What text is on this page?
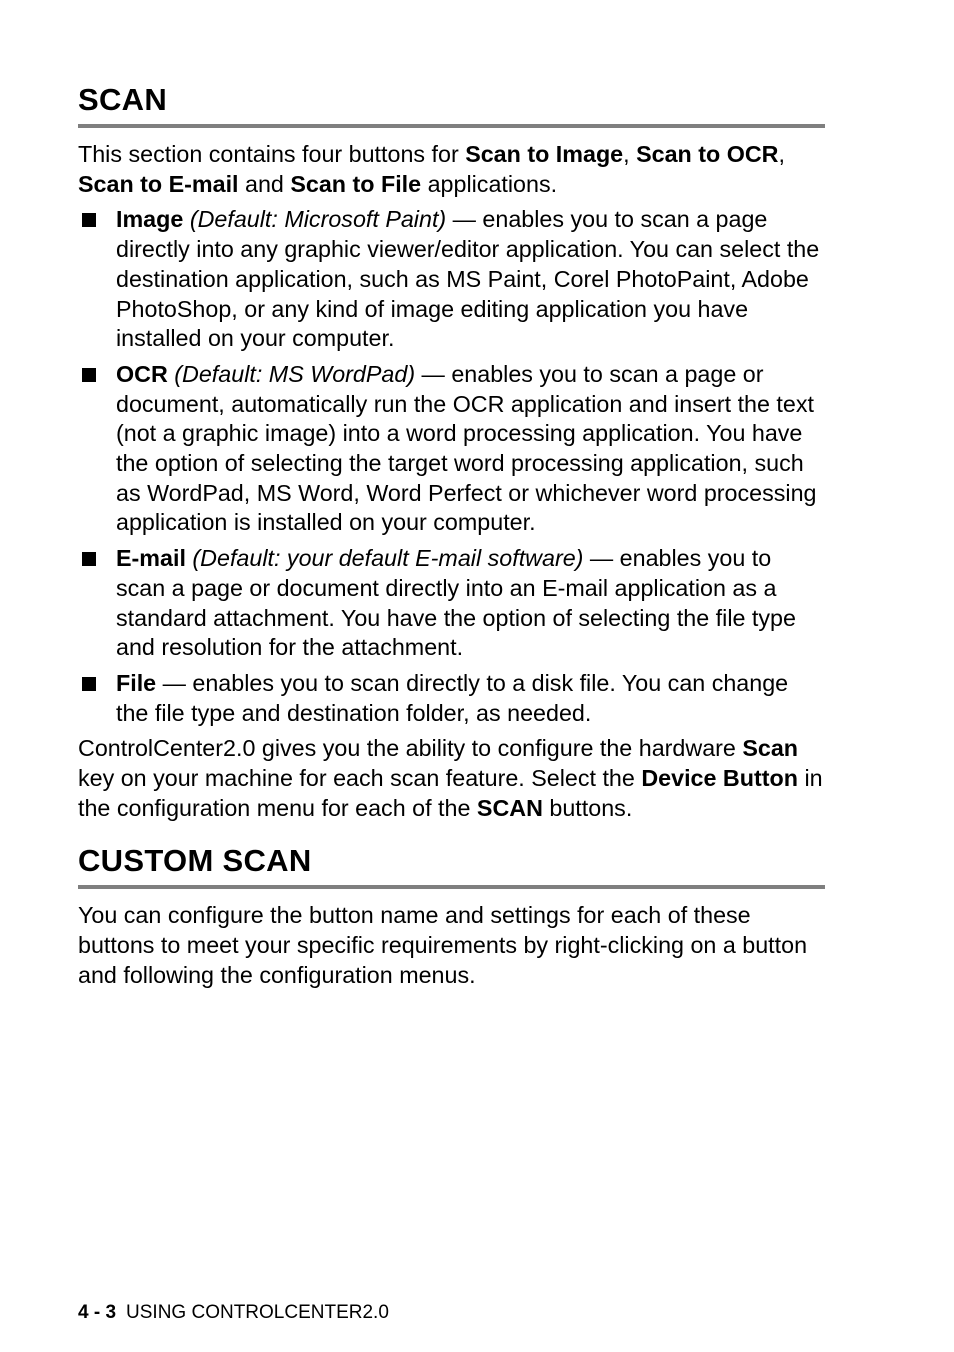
SCAN

This section contains four buttons for Scan to Image, Scan to OCR, Scan to E-mail and Scan to File applications.

Image (Default: Microsoft Paint) — enables you to scan a page directly into any graphic viewer/editor application. You can select the destination application, such as MS Paint, Corel PhotoPaint, Adobe PhotoShop, or any kind of image editing application you have installed on your computer.
OCR (Default: MS WordPad) — enables you to scan a page or document, automatically run the OCR application and insert the text (not a graphic image) into a word processing application. You have the option of selecting the target word processing application, such as WordPad, MS Word, Word Perfect or whichever word processing application is installed on your computer.
E-mail (Default: your default E-mail software) — enables you to scan a page or document directly into an E-mail application as a standard attachment. You have the option of selecting the file type and resolution for the attachment.
File — enables you to scan directly to a disk file. You can change the file type and destination folder, as needed.

ControlCenter2.0 gives you the ability to configure the hardware Scan key on your machine for each scan feature. Select the Device Button in the configuration menu for each of the SCAN buttons.

CUSTOM SCAN

You can configure the button name and settings for each of these buttons to meet your specific requirements by right-clicking on a button and following the configuration menus.

4 - 3 USING CONTROLCENTER2.0
